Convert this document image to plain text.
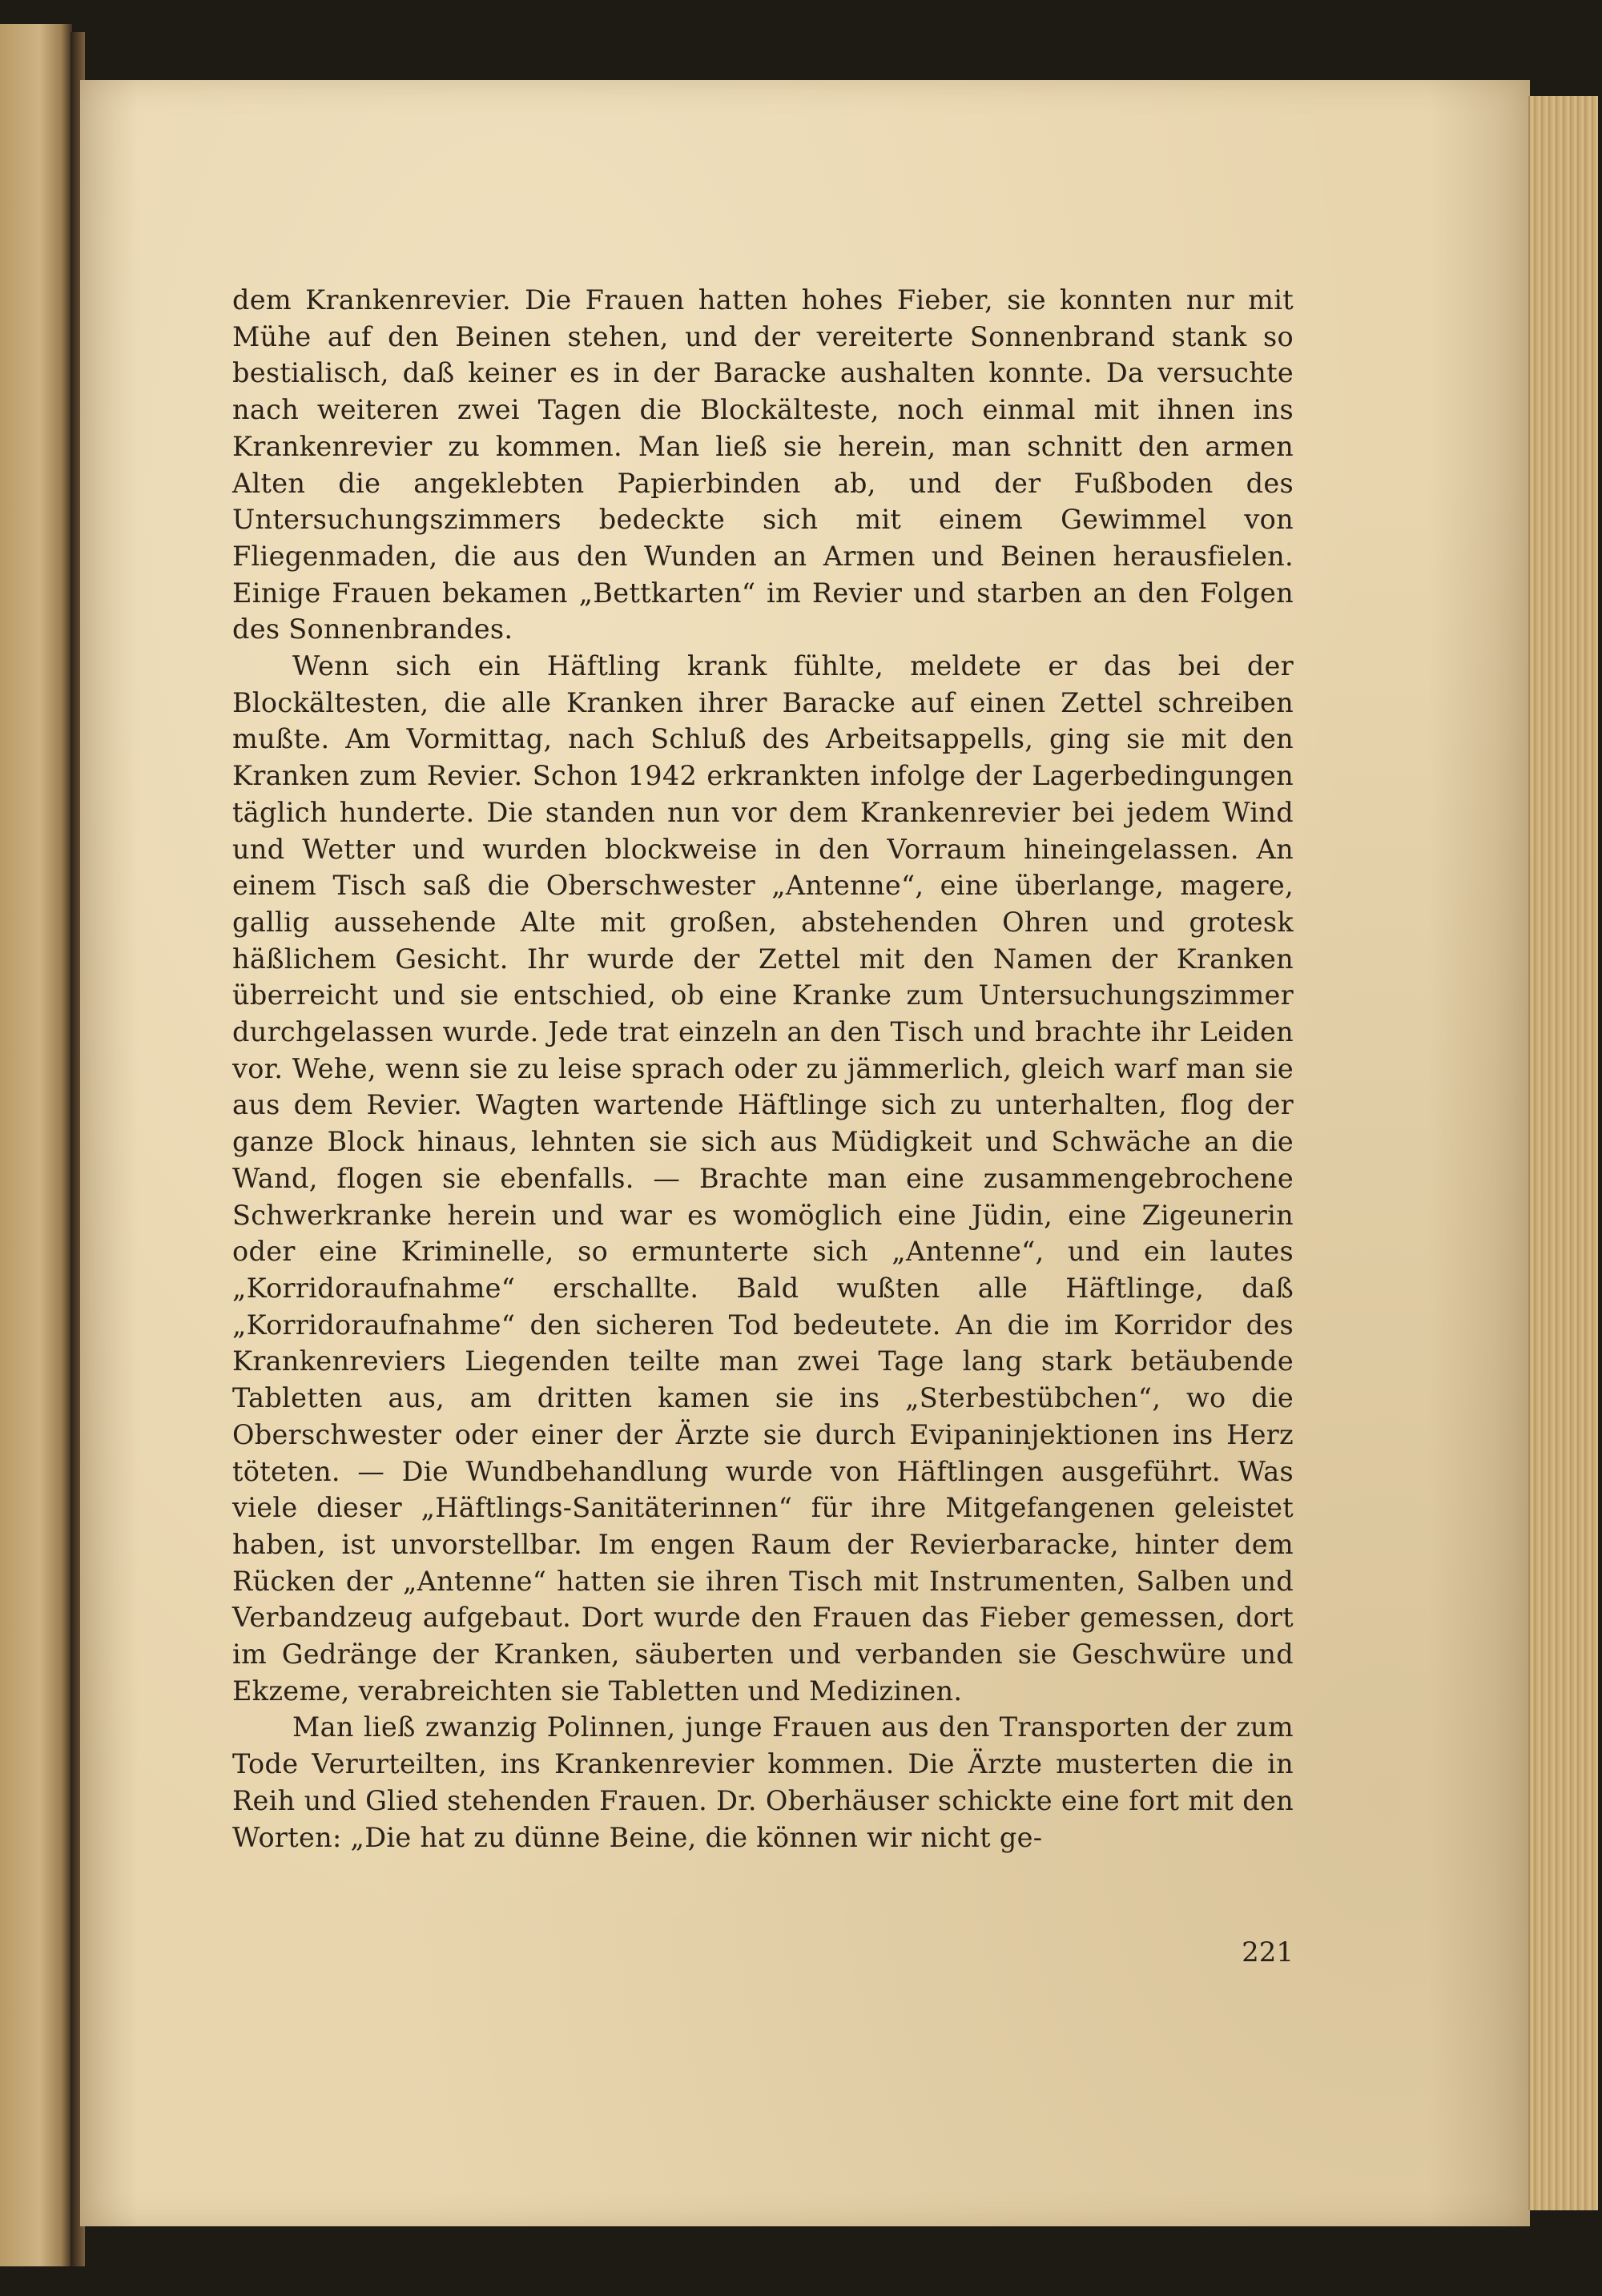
dem Krankenrevier. Die Frauen hatten hohes Fieber, sie konnten nur mit Mühe auf den Beinen stehen, und der vereiterte Sonnenbrand stank so bestialisch, daß keiner es in der Baracke aushalten konnte. Da versuchte nach weiteren zwei Tagen die Blockälteste, noch einmal mit ihnen ins Krankenrevier zu kommen. Man ließ sie herein, man schnitt den armen Alten die angeklebten Papierbinden ab, und der Fußboden des Untersuchungszimmers bedeckte sich mit einem Gewimmel von Fliegenmaden, die aus den Wunden an Armen und Beinen herausfielen. Einige Frauen bekamen „Bettkarten“ im Revier und starben an den Folgen des Sonnenbrandes.

Wenn sich ein Häftling krank fühlte, meldete er das bei der Blockältesten, die alle Kranken ihrer Baracke auf einen Zettel schreiben mußte. Am Vormittag, nach Schluß des Arbeitsappells, ging sie mit den Kranken zum Revier. Schon 1942 erkrankten infolge der Lagerbedingungen täglich hunderte. Die standen nun vor dem Krankenrevier bei jedem Wind und Wetter und wurden blockweise in den Vorraum hineingelassen. An einem Tisch saß die Oberschwester „Antenne“, eine überlange, magere, gallig aussehende Alte mit großen, abstehenden Ohren und grotesk häßlichem Gesicht. Ihr wurde der Zettel mit den Namen der Kranken überreicht und sie entschied, ob eine Kranke zum Untersuchungszimmer durchgelassen wurde. Jede trat einzeln an den Tisch und brachte ihr Leiden vor. Wehe, wenn sie zu leise sprach oder zu jämmerlich, gleich warf man sie aus dem Revier. Wagten wartende Häftlinge sich zu unterhalten, flog der ganze Block hinaus, lehnten sie sich aus Müdigkeit und Schwäche an die Wand, flogen sie ebenfalls. — Brachte man eine zusammengebrochene Schwerkranke herein und war es womöglich eine Jüdin, eine Zigeunerin oder eine Kriminelle, so ermunterte sich „Antenne“, und ein lautes „Korridoraufnahme“ erschallte. Bald wußten alle Häftlinge, daß „Korridoraufnahme“ den sicheren Tod bedeutete. An die im Korridor des Krankenreviers Liegenden teilte man zwei Tage lang stark betäubende Tabletten aus, am dritten kamen sie ins „Sterbestübchen“, wo die Oberschwester oder einer der Ärzte sie durch Evipaninjektionen ins Herz töteten. — Die Wundbehandlung wurde von Häftlingen ausgeführt. Was viele dieser „Häftlings-Sanitäterinnen“ für ihre Mitgefangenen geleistet haben, ist unvorstellbar. Im engen Raum der Revierbaracke, hinter dem Rücken der „Antenne“ hatten sie ihren Tisch mit Instrumenten, Salben und Verbandzeug aufgebaut. Dort wurde den Frauen das Fieber gemessen, dort im Gedränge der Kranken, säuberten und verbanden sie Geschwüre und Ekzeme, verabreichten sie Tabletten und Medizinen.

Man ließ zwanzig Polinnen, junge Frauen aus den Transporten der zum Tode Verurteilten, ins Krankenrevier kommen. Die Ärzte musterten die in Reih und Glied stehenden Frauen. Dr. Oberhäuser schickte eine fort mit den Worten: „Die hat zu dünne Beine, die können wir nicht ge-

221
